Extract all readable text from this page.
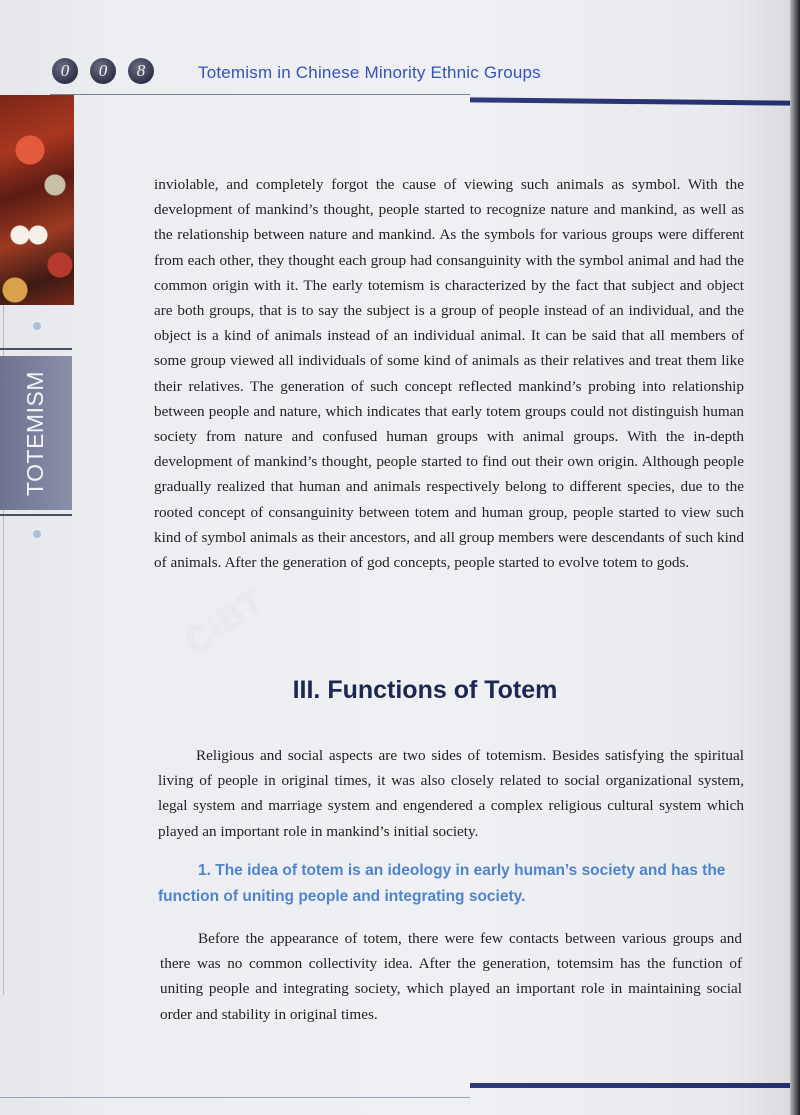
0	0	8	Totemism in Chinese Minority Ethnic Groups
TOTEMISM

inviolable, and completely forgot the cause of viewing such animals as symbol. With the development of mankind’s thought, people started to recognize nature and mankind, as well as the relationship between nature and mankind. As the symbols for various groups were different from each other, they thought each group had consanguinity with the symbol animal and had the common origin with it. The early totemism is characterized by the fact that subject and object are both groups, that is to say the subject is a group of people instead of an individual, and the object is a kind of animals instead of an individual animal. It can be said that all members of some group viewed all individuals of some kind of animals as their relatives and treat them like their relatives. The generation of such concept reflected mankind’s probing into relationship between people and nature, which indicates that early totem groups could not distinguish human society from nature and confused human groups with animal groups. With the in-depth development of mankind’s thought, people started to find out their own origin. Although people gradually realized that human and animals respectively belong to different species, due to the rooted concept of consanguinity between totem and human group, people started to view such kind of symbol animals as their ancestors, and all group members were descendants of such kind of animals. After the generation of god concepts, people started to evolve totem to gods.

CIBT
III. Functions of Totem

Religious and social aspects are two sides of totemism. Besides satisfying the spiritual living of people in original times, it was also closely related to social organizational system, legal system and marriage system and engendered a complex religious cultural system which played an important role in mankind’s initial society.

1. The idea of totem is an ideology in early human’s society and has the function of uniting people and integrating society.

Before the appearance of totem, there were few contacts between various groups and there was no common collectivity idea. After the generation, totemsim has the function of uniting people and integrating society, which played an important role in maintaining social order and stability in original times.
